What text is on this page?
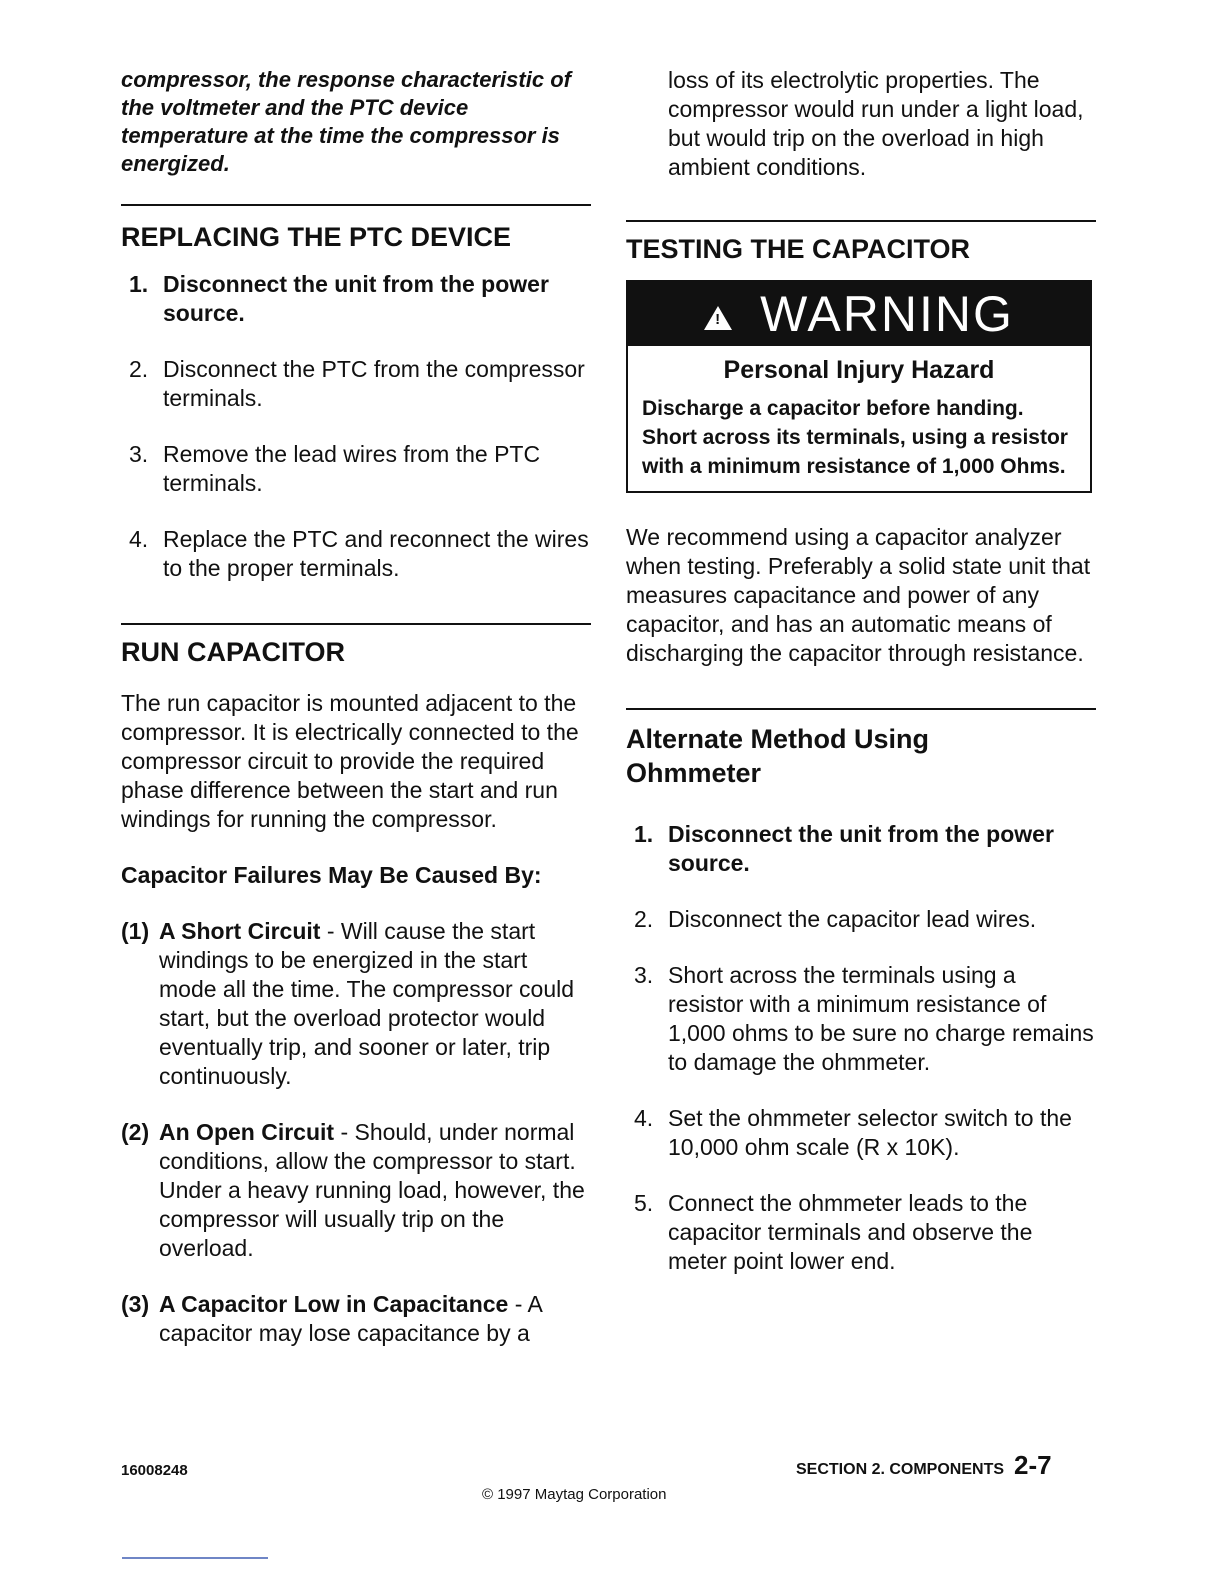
compressor, the response characteristic of the voltmeter and the PTC device temperature at the time the compressor is energized.

REPLACING THE PTC DEVICE
1. Disconnect the unit from the power source.
2. Disconnect the PTC from the compressor terminals.
3. Remove the lead wires from the PTC terminals.
4. Replace the PTC and reconnect the wires to the proper terminals.
RUN CAPACITOR

The run capacitor is mounted adjacent to the compressor. It is electrically connected to the compressor circuit to provide the required phase difference between the start and run windings for running the compressor.

Capacitor Failures May Be Caused By:

(1) A Short Circuit - Will cause the start windings to be energized in the start mode all the time. The compressor could start, but the overload protector would eventually trip, and sooner or later, trip continuously.
(2) An Open Circuit - Should, under normal conditions, allow the compressor to start. Under a heavy running load, however, the compressor will usually trip on the overload.
(3) A Capacitor Low in Capacitance - A capacitor may lose capacitance by a

loss of its electrolytic properties. The compressor would run under a light load, but would trip on the overload in high ambient conditions.

TESTING THE CAPACITOR
! WARNING

Personal Injury Hazard

Discharge a capacitor before handing. Short across its terminals, using a resistor with a minimum resistance of 1,000 Ohms.

We recommend using a capacitor analyzer when testing. Preferably a solid state unit that measures capacitance and power of any capacitor, and has an automatic means of discharging the capacitor through resistance.

Alternate Method Using Ohmmeter
1. Disconnect the unit from the power source.
2. Disconnect the capacitor lead wires.
3. Short across the terminals using a resistor with a minimum resistance of 1,000 ohms to be sure no charge remains to damage the ohmmeter.
4. Set the ohmmeter selector switch to the 10,000 ohm scale (R x 10K).
5. Connect the ohmmeter leads to the capacitor terminals and observe the meter point lower end.
16008248	SECTION 2. COMPONENTS 2-7
© 1997 Maytag Corporation
